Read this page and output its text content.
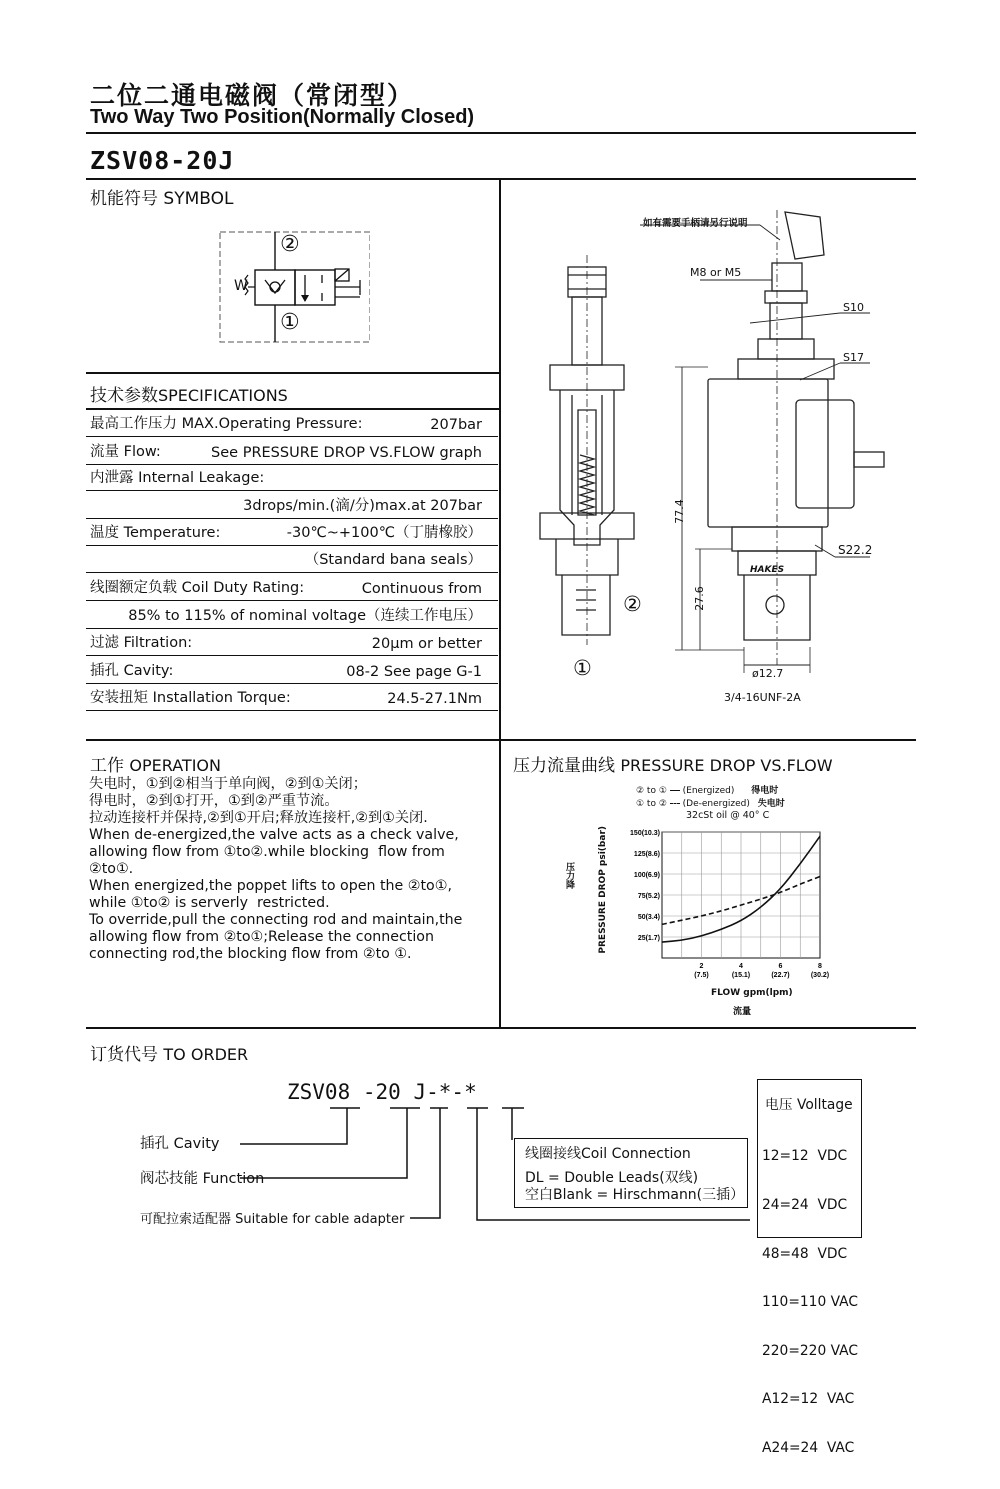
二位二通电磁阀（常闭型）
Two Way Two Position(Normally Closed)
ZSV08-20J
机能符号 SYMBOL
②
①
W
技术参数SPECIFICATIONS
最高工作压力 MAX.Operating Pressure:	207bar
流量 Flow:	See PRESSURE DROP VS.FLOW graph
内泄露 Internal Leakage:
3drops/min.(滴/分)max.at 207bar
温度 Temperature:	-30℃~+100℃（丁腈橡胶）
（Standard bana seals）
线圈额定负载 Coil Duty Rating:	Continuous from
85% to 115% of nominal voltage（连续工作电压）
过滤 Filtration:	20μm or better
插孔 Cavity:	08-2 See page G-1
安装扭矩 Installation Torque:	24.5-27.1Nm
如有需要手柄请另行说明
M8 or M5
S10
S17
S22.2
HAKES
77.4
27.6
ø12.7
3/4-16UNF-2A
②
①
工作 OPERATION
失电时，①到②相当于单向阀，②到①关闭；
得电时，②到①打开，①到②严重节流。
拉动连接杆并保持,②到①开启;释放连接杆,②到①关闭.
When de-energized,the valve acts as a check valve,
allowing flow from ①to②.while blocking  flow from
②to①.
When energized,the poppet lifts to open the ②to①,
while ①to② is serverly  restricted.
To override,pull the connecting rod and maintain,the
allowing flow from ②to①;Release the connection
connecting rod,the blocking flow from ②to ①.
压力流量曲线 PRESSURE DROP VS.FLOW
② to ① (Energized) 得电时
① to ② (De-energized) 失电时
32cSt oil @ 40° C
压力降	PRESSURE DROP psi(bar)
FLOW gpm(lpm)
流量
25(1.7)
50(3.4)
75(5.2)
100(6.9)
125(8.6)
150(10.3)
2
(7.5)
4
(15.1)
6
(22.7)
8
(30.2)
订货代号 TO ORDER
ZSV08 -20 J-*-*
插孔 Cavity
阀芯技能 Function
可配拉索适配器 Suitable for cable adapter
线圈接线Coil Connection
DL = Double Leads(双线)
空白Blank = Hirschmann(三插）
电压 Volltage

12=12  VDC

24=24  VDC

48=48  VDC

110=110 VAC

220=220 VAC

A12=12  VAC

A24=24  VAC
